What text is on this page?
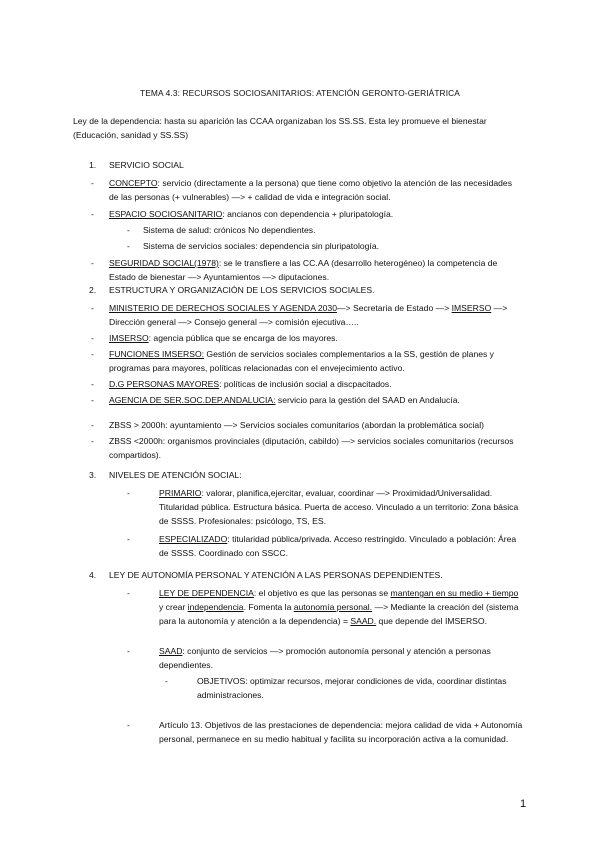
TEMA 4.3: RECURSOS SOCIOSANITARIOS: ATENCIÓN GERONTO-GERIÁTRICA
Ley de la dependencia: hasta su aparición las CCAA organizaban los SS.SS. Esta ley promueve el bienestar (Educación, sanidad y SS.SS)
1. SERVICIO SOCIAL
- CONCEPTO: servicio (directamente a la persona) que tiene como objetivo la atención de las necesidades de las personas (+ vulnerables) —> + calidad de vida e integración social.
- ESPACIO SOCIOSANITARIO: ancianos con dependencia + pluripatología.
- Sistema de salud: crónicos No dependientes.
- Sistema de servicios sociales: dependencia sin pluripatología.
- SEGURIDAD SOCIAL(1978): se le transfiere a las CC.AA (desarrollo heterogéneo) la competencia de Estado de bienestar —> Ayuntamientos —> diputaciones.
2. ESTRUCTURA Y ORGANIZACIÓN DE LOS SERVICIOS SOCIALES.
- MINISTERIO DE DERECHOS SOCIALES Y AGENDA 2030—> Secretaria de Estado —> IMSERSO —> Dirección general —> Consejo general —> comisión ejecutiva…..
- IMSERSO: agencia pública que se encarga de los mayores.
- FUNCIONES IMSERSO: Gestión de servicios sociales complementarios a la SS, gestión de planes y programas para mayores, políticas relacionadas con el envejecimiento activo.
- D.G PERSONAS MAYORES: políticas de inclusión social a discpacitados.
- AGENCIA DE SER.SOC.DEP.ANDALUCIA: servicio para la gestión del SAAD en Andalucía.
- ZBSS > 2000h: ayuntamiento —> Servicios sociales comunitarios (abordan la problemática social)
- ZBSS <2000h: organismos provinciales (diputación, cabildo) —> servicios sociales comunitarios (recursos compartidos).
3. NIVELES DE ATENCIÓN SOCIAL:
-	PRIMARIO: valorar, planifica,ejercitar, evaluar, coordinar —> Proximidad/Universalidad. Titularidad pública. Estructura básica. Puerta de acceso. Vinculado a un territorio: Zona básica de SSSS. Profesionales: psicólogo, TS, ES.
-	ESPECIALIZADO: titularidad pública/privada. Acceso restringido. Vinculado a población: Área de SSSS. Coordinado con SSCC.
4. LEY DE AUTONOMÍA PERSONAL Y ATENCIÓN A LAS PERSONAS DEPENDIENTES.
-	LEY DE DEPENDENCIA: el objetivo es que las personas se mantengan en su medio + tiempo y crear independencia. Fomenta la autonomía personal. —> Mediante la creación del (sistema para la autonomía y atención a la dependencia) = SAAD. que depende del IMSERSO.
-	SAAD: conjunto de servicios —> promoción autonomía personal y atención a personas dependientes.
-	OBJETIVOS: optimizar recursos, mejorar condiciones de vida, coordinar distintas administraciones.
-	Artículo 13. Objetivos de las prestaciones de dependencia: mejora calidad de vida + Autonomía personal, permanece en su medio habitual y facilita su incorporación activa a la comunidad.
1
